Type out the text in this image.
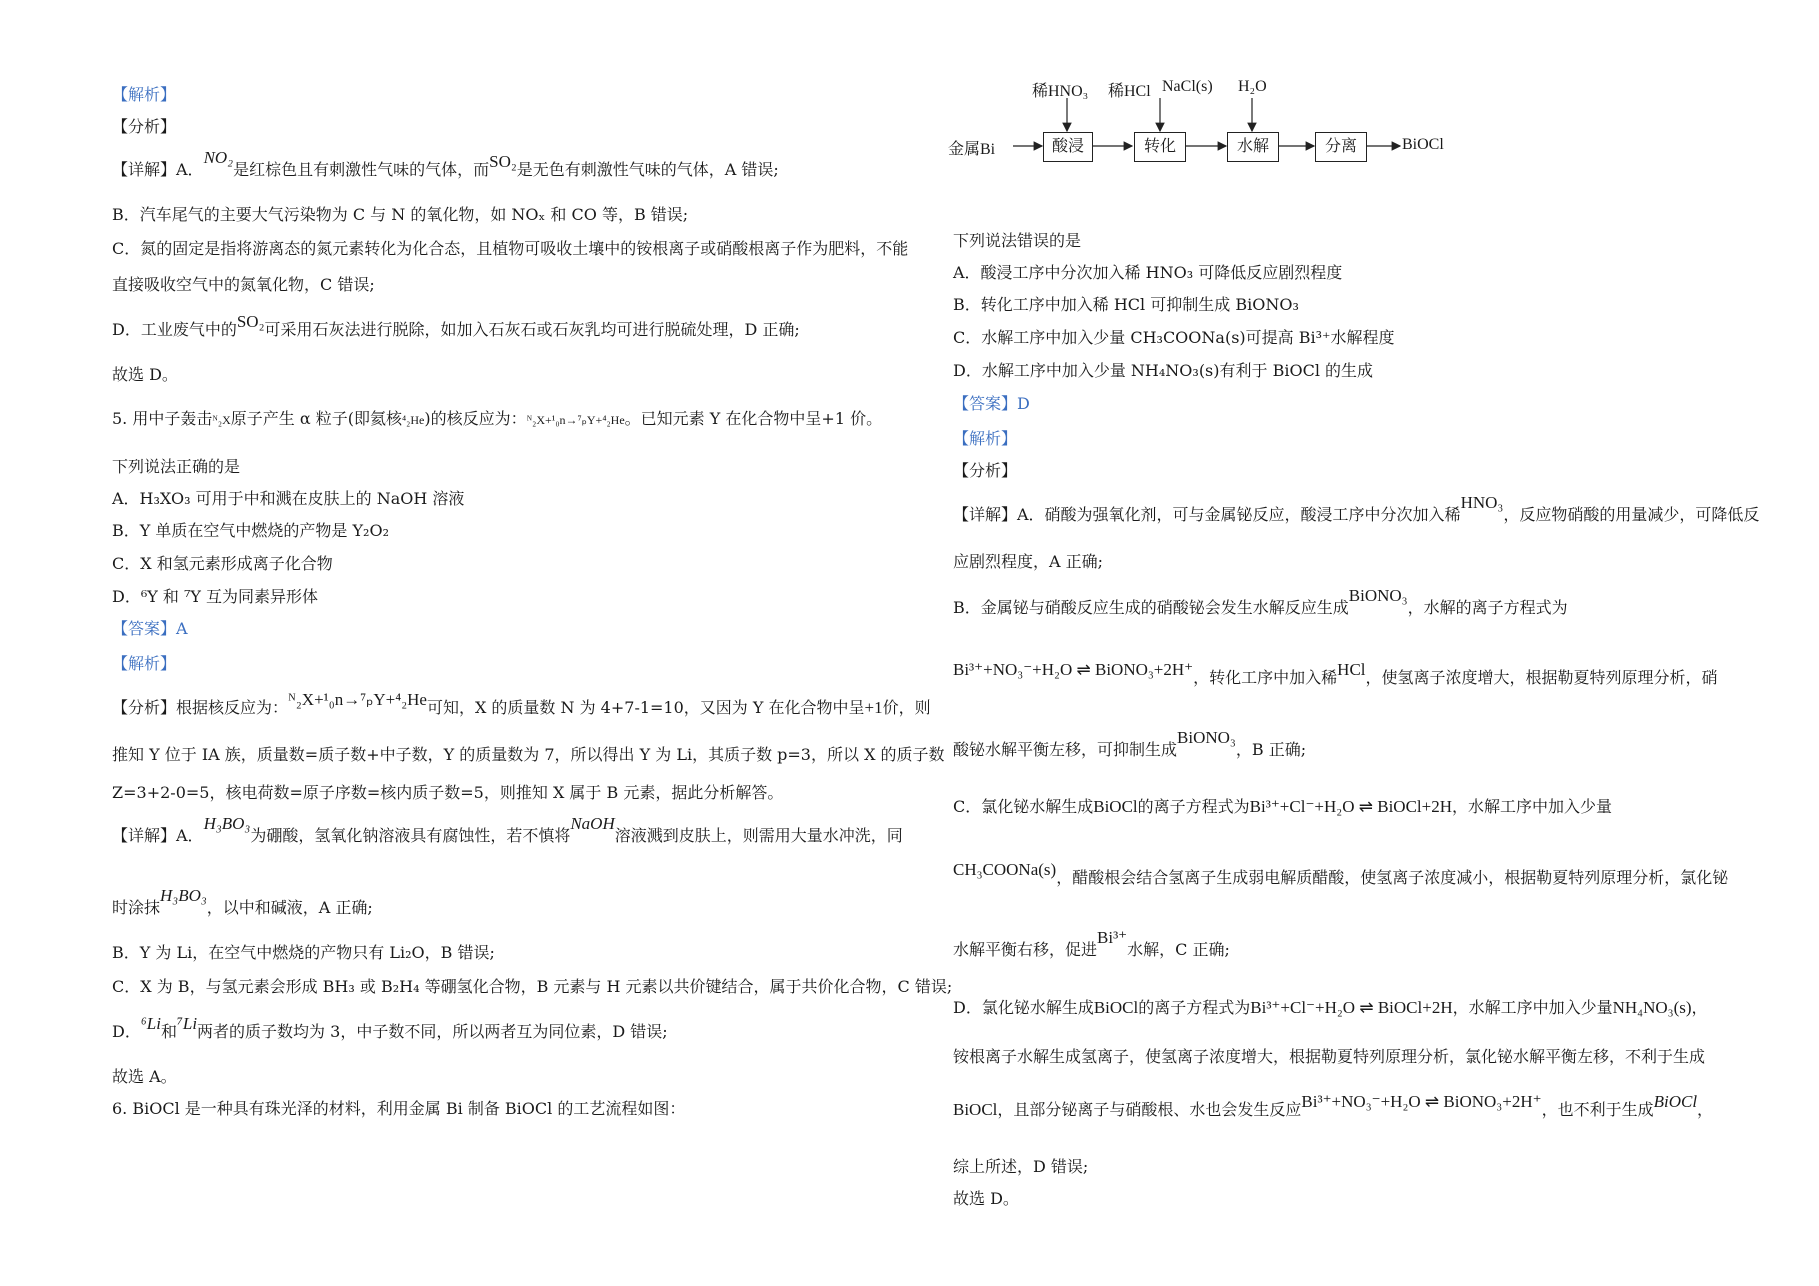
【解析】
【分析】
【详解】A．NO₂是红棕色且有刺激性气味的气体，而SO₂是无色有刺激性气味的气体，A 错误;
B．汽车尾气的主要大气污染物为 C 与 N 的氧化物，如 NOₓ 和 CO 等，B 错误;
C．氮的固定是指将游离态的氮元素转化为化合态，且植物可吸收土壤中的铵根离子或硝酸根离子作为肥料，不能
直接吸收空气中的氮氧化物，C 错误;
D．工业废气中的SO₂可采用石灰法进行脱除，如加入石灰石或石灰乳均可进行脱硫处理，D 正确;
故选 D。
5. 用中子轰击ᴺ₂X原子产生 α 粒子(即氦核⁴₂He)的核反应为：ᴺ₂X+¹₀n→⁷ₚY+⁴₂He。已知元素 Y 在化合物中呈+1 价。
下列说法正确的是
A．H₃XO₃ 可用于中和溅在皮肤上的 NaOH 溶液
B．Y 单质在空气中燃烧的产物是 Y₂O₂
C．X 和氢元素形成离子化合物
D．⁶Y 和 ⁷Y 互为同素异形体
【答案】A
【解析】
【分析】根据核反应为：ᴺ₂X+¹₀n→⁷ₚY+⁴₂He可知，X 的质量数 N 为 4+7-1=10，又因为 Y 在化合物中呈+1价，则
推知 Y 位于 IA 族，质量数=质子数+中子数，Y 的质量数为 7，所以得出 Y 为 Li，其质子数 p=3，所以 X 的质子数
Z=3+2-0=5，核电荷数=原子序数=核内质子数=5，则推知 X 属于 B 元素，据此分析解答。
【详解】A．H₃BO₃为硼酸，氢氧化钠溶液具有腐蚀性，若不慎将NaOH溶液溅到皮肤上，则需用大量水冲洗，同
时涂抹H₃BO₃，以中和碱液，A 正确;
B．Y 为 Li，在空气中燃烧的产物只有 Li₂O，B 错误;
C．X 为 B，与氢元素会形成 BH₃ 或 B₂H₄ 等硼氢化合物，B 元素与 H 元素以共价键结合，属于共价化合物，C 错误;
D．⁶Li和⁷Li两者的质子数均为 3，中子数不同，所以两者互为同位素，D 错误;
故选 A。
6. BiOCl 是一种具有珠光泽的材料，利用金属 Bi 制备 BiOCl 的工艺流程如图：
稀HNO₃ 稀HCl NaCl(s) H₂O
金属Bi	酸浸	转化	水解	分离	BiOCl
下列说法错误的是
A．酸浸工序中分次加入稀 HNO₃ 可降低反应剧烈程度
B．转化工序中加入稀 HCl 可抑制生成 BiONO₃
C．水解工序中加入少量 CH₃COONa(s)可提高 Bi³⁺水解程度
D．水解工序中加入少量 NH₄NO₃(s)有利于 BiOCl 的生成
【答案】D
【解析】
【分析】
【详解】A．硝酸为强氧化剂，可与金属铋反应，酸浸工序中分次加入稀HNO₃，反应物硝酸的用量减少，可降低反
应剧烈程度，A 正确;
B．金属铋与硝酸反应生成的硝酸铋会发生水解反应生成BiONO₃，水解的离子方程式为
Bi³⁺+NO₃⁻+H₂O ⇌ BiONO₃+2H⁺，转化工序中加入稀HCl，使氢离子浓度增大，根据勒夏特列原理分析，硝
酸铋水解平衡左移，可抑制生成BiONO₃，B 正确;
C．氯化铋水解生成BiOCl的离子方程式为Bi³⁺+Cl⁻+H₂O ⇌ BiOCl+2H，水解工序中加入少量
CH₃COONa(s)，醋酸根会结合氢离子生成弱电解质醋酸，使氢离子浓度减小，根据勒夏特列原理分析，氯化铋
水解平衡右移，促进Bi³⁺水解，C 正确;
D．氯化铋水解生成BiOCl的离子方程式为Bi³⁺+Cl⁻+H₂O ⇌ BiOCl+2H，水解工序中加入少量NH₄NO₃(s)，
铵根离子水解生成氢离子，使氢离子浓度增大，根据勒夏特列原理分析，氯化铋水解平衡左移，不利于生成
BiOCl，且部分铋离子与硝酸根、水也会发生反应Bi³⁺+NO₃⁻+H₂O ⇌ BiONO₃+2H⁺，也不利于生成BiOCl，
综上所述，D 错误;
故选 D。
